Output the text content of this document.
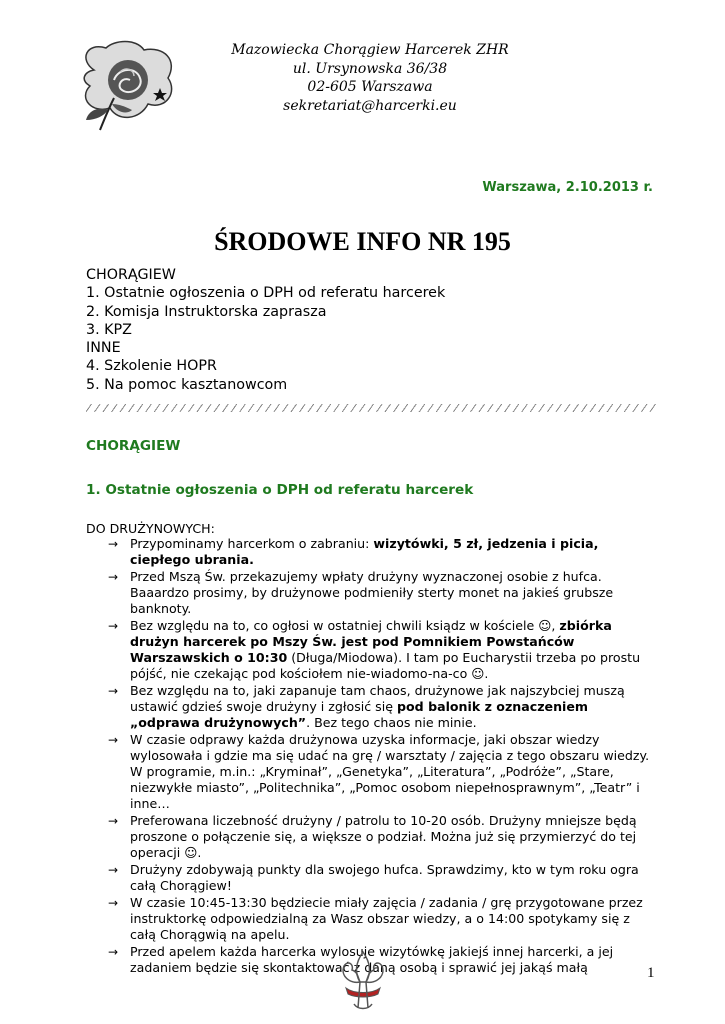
Mazowiecka Chorągiew Harcerek ZHR
ul. Ursynowska 36/38
02-605 Warszawa
sekretariat@harcerki.eu
Warszawa, 2.10.2013 r.
ŚRODOWE INFO NR 195
CHORĄGIEW
1. Ostatnie ogłoszenia o DPH od referatu harcerek
2. Komisja Instruktorska zaprasza
3. KPZ
INNE
4. Szkolenie HOPR
5. Na pomoc kasztanowcom
CHORĄGIEW
1. Ostatnie ogłoszenia o DPH od referatu harcerek
DO DRUŻYNOWYCH:
→ Przypominamy harcerkom o zabraniu: wizytówki, 5 zł, jedzenia i picia, ciepłego ubrania.
→ Przed Mszą Św. przekazujemy wpłaty drużyny wyznaczonej osobie z hufca. Baaardzo prosimy, by drużynowe podmieniły sterty monet na jakieś grubsze banknoty.
→ Bez względu na to, co ogłosi w ostatniej chwili ksiądz w kościele ☺, zbiórka drużyn harcerek po Mszy Św. jest pod Pomnikiem Powstańców Warszawskich o 10:30 (Długa/Miodowa). I tam po Eucharystii trzeba po prostu pójść, nie czekając pod kościołem nie-wiadomo-na-co ☺.
→ Bez względu na to, jaki zapanuje tam chaos, drużynowe jak najszybciej muszą ustawić gdzieś swoje drużyny i zgłosić się pod balonik z oznaczeniem „odprawa drużynowych”. Bez tego chaos nie minie.
→ W czasie odprawy każda drużynowa uzyska informacje, jaki obszar wiedzy wylosowała i gdzie ma się udać na grę / warsztaty / zajęcia z tego obszaru wiedzy. W programie, m.in.: „Kryminał”, „Genetyka”, „Literatura”, „Podróże”, „Stare, niezwykłe miasto”, „Politechnika”, „Pomoc osobom niepełnosprawnym”, „Teatr” i inne…
→ Preferowana liczebność drużyny / patrolu to 10-20 osób. Drużyny mniejsze będą proszone o połączenie się, a większe o podział. Można już się przymierzyć do tej operacji ☺.
→ Drużyny zdobywają punkty dla swojego hufca. Sprawdzimy, kto w tym roku ogra całą Chorągiew!
→ W czasie 10:45-13:30 będziecie miały zajęcia / zadania / grę przygotowane przez instruktorkę odpowiedzialną za Wasz obszar wiedzy, a o 14:00 spotykamy się z całą Chorągwią na apelu.
→ Przed apelem każda harcerka wylosuje wizytówkę jakiejś innej harcerki, a jej zadaniem będzie się skontaktować z daną osobą i sprawić jej jakąś małą	1
